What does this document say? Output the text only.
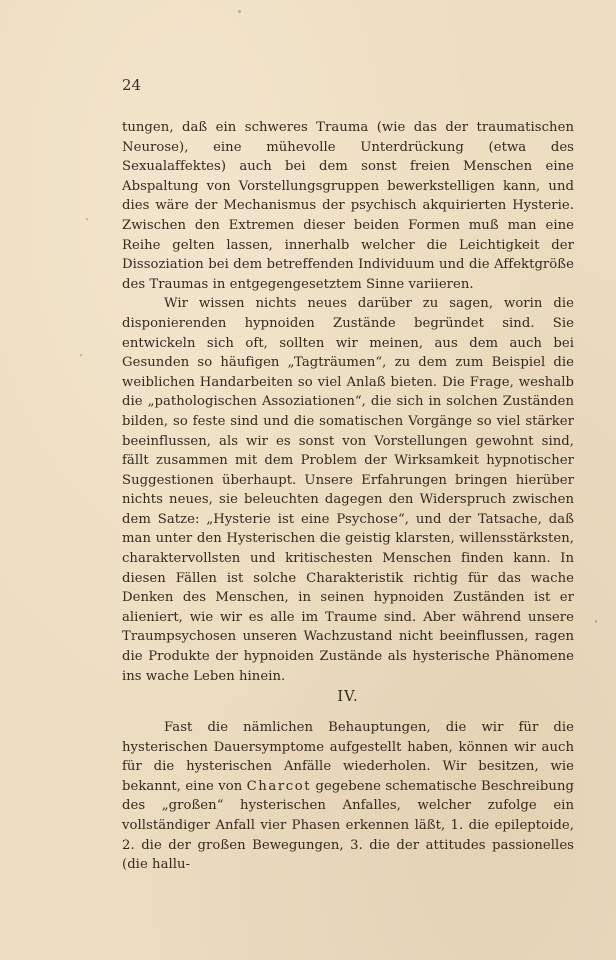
24

tungen, daß ein schweres Trauma (wie das der traumatischen Neurose), eine mühevolle Unterdrückung (etwa des Sexualaffektes) auch bei dem sonst freien Menschen eine Abspaltung von Vorstellungsgruppen bewerkstelligen kann, und dies wäre der Mechanismus der psychisch akquirierten Hysterie. Zwischen den Extremen dieser beiden Formen muß man eine Reihe gelten lassen, innerhalb welcher die Leichtigkeit der Dissoziation bei dem betreffenden Individuum und die Affektgröße des Traumas in entgegengesetztem Sinne variieren.

Wir wissen nichts neues darüber zu sagen, worin die disponierenden hypnoiden Zustände begründet sind. Sie entwickeln sich oft, sollten wir meinen, aus dem auch bei Gesunden so häufigen „Tagträumen“, zu dem zum Beispiel die weiblichen Handarbeiten so viel Anlaß bieten. Die Frage, weshalb die „pathologischen Assoziationen“, die sich in solchen Zuständen bilden, so feste sind und die somatischen Vorgänge so viel stärker beeinflussen, als wir es sonst von Vorstellungen gewohnt sind, fällt zusammen mit dem Problem der Wirksamkeit hypnotischer Suggestionen überhaupt. Unsere Erfahrungen bringen hierüber nichts neues, sie beleuchten dagegen den Widerspruch zwischen dem Satze: „Hysterie ist eine Psychose“, und der Tatsache, daß man unter den Hysterischen die geistig klarsten, willensstärksten, charaktervollsten und kritischesten Menschen finden kann. In diesen Fällen ist solche Charakteristik richtig für das wache Denken des Menschen, in seinen hypnoiden Zuständen ist er alieniert, wie wir es alle im Traume sind. Aber während unsere Traumpsychosen unseren Wachzustand nicht beeinflussen, ragen die Produkte der hypnoiden Zustände als hysterische Phänomene ins wache Leben hinein.

IV.

Fast die nämlichen Behauptungen, die wir für die hysterischen Dauersymptome aufgestellt haben, können wir auch für die hysterischen Anfälle wiederholen. Wir besitzen, wie bekannt, eine von Charcot gegebene schematische Beschreibung des „großen“ hysterischen Anfalles, welcher zufolge ein vollständiger Anfall vier Phasen erkennen läßt, 1. die epileptoide, 2. die der großen Bewegungen, 3. die der attitudes passionelles (die hallu-
